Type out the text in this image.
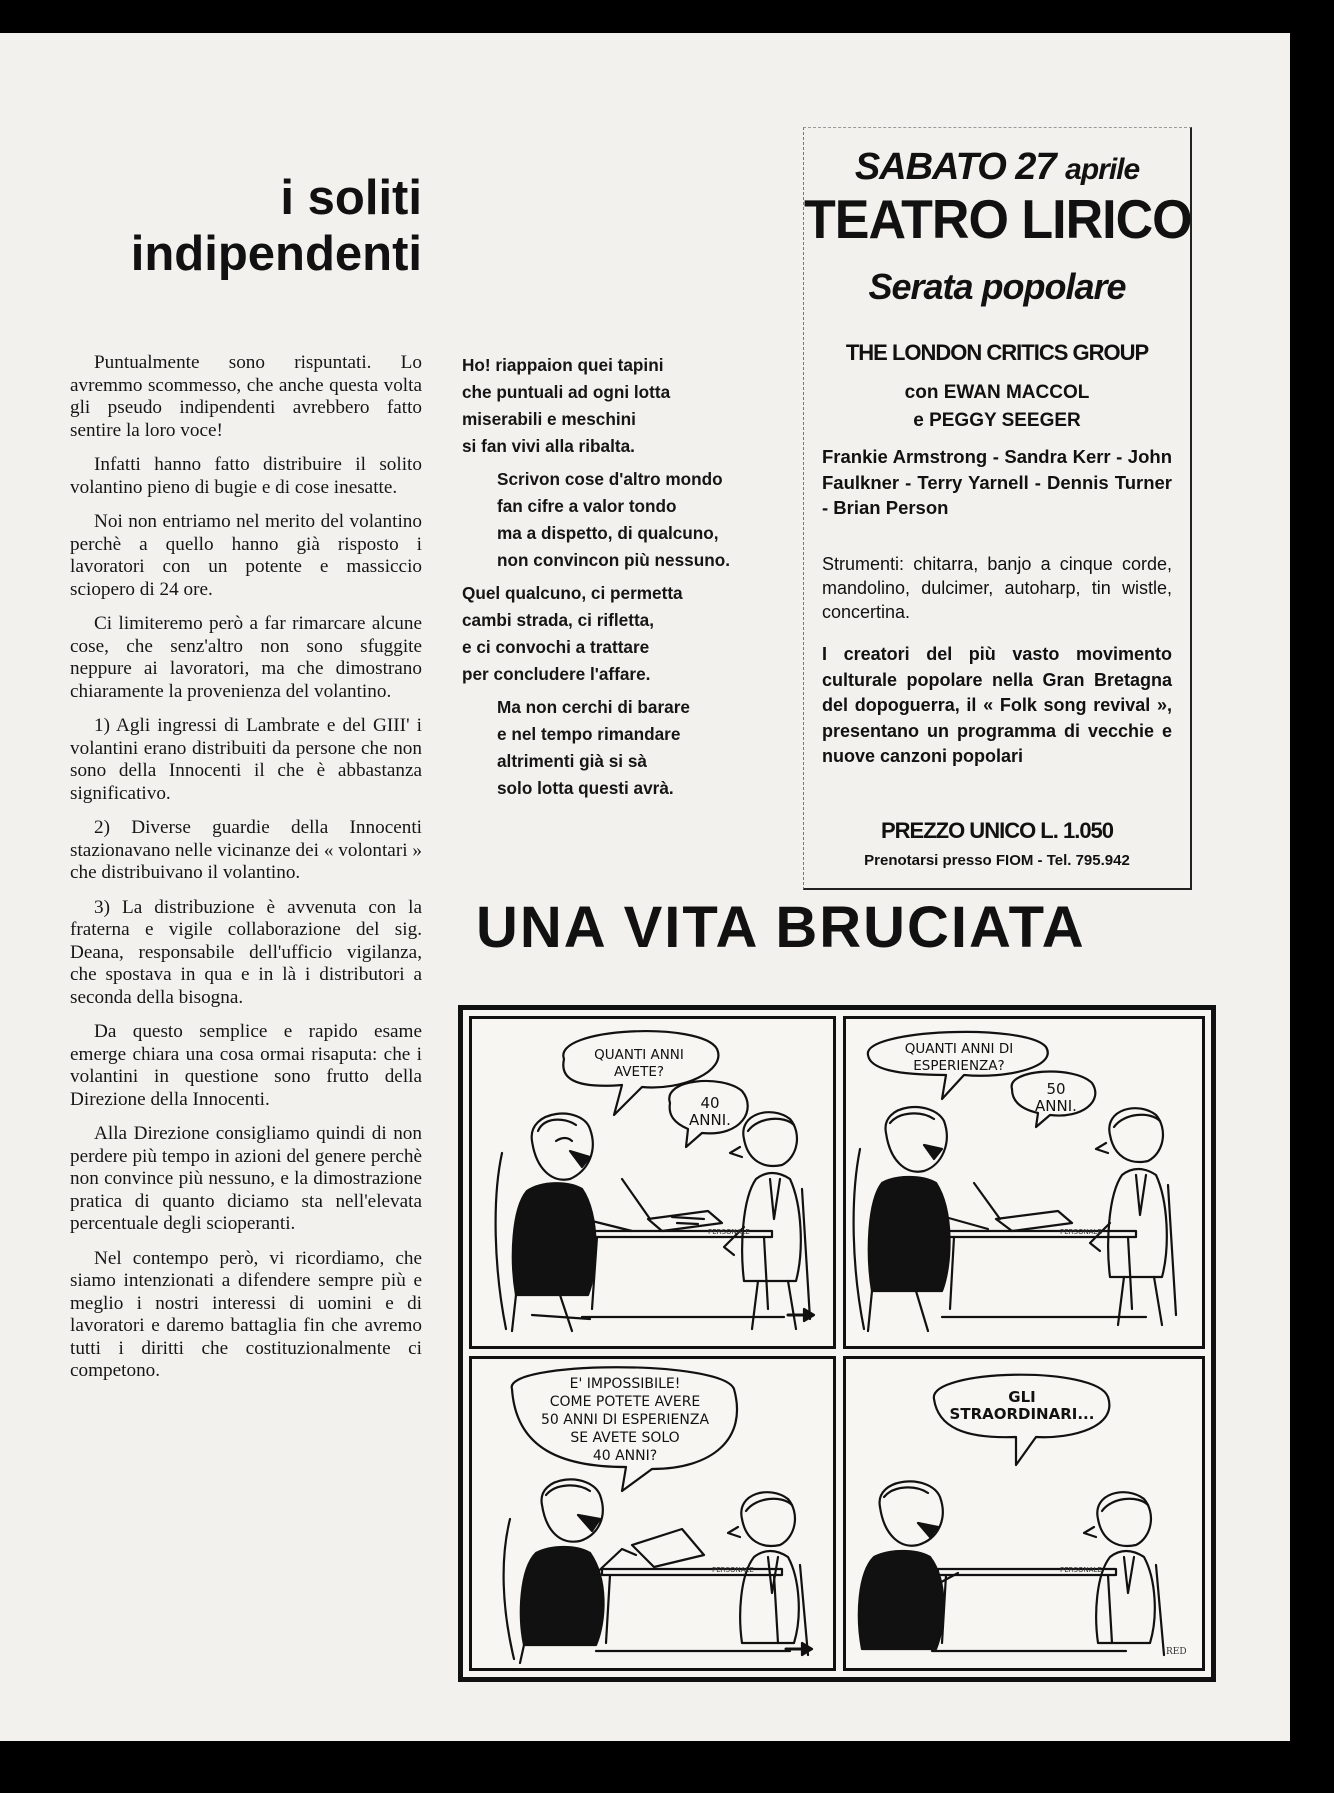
i soliti
indipendenti

Puntualmente sono rispuntati. Lo avremmo scommesso, che anche questa volta gli pseudo indipendenti avrebbero fatto sentire la loro voce!

Infatti hanno fatto distribuire il solito volantino pieno di bugie e di cose inesatte.

Noi non entriamo nel merito del volantino perchè a quello hanno già risposto i lavoratori con un potente e massiccio sciopero di 24 ore.

Ci limiteremo però a far rimarcare alcune cose, che senz'altro non sono sfuggite neppure ai lavoratori, ma che dimostrano chiaramente la provenienza del volantino.

1) Agli ingressi di Lambrate e del GIII' i volantini erano distribuiti da persone che non sono della Innocenti il che è abbastanza significativo.

2) Diverse guardie della Innocenti stazionavano nelle vicinanze dei « volontari » che distribuivano il volantino.

3) La distribuzione è avvenuta con la fraterna e vigile collaborazione del sig. Deana, responsabile dell'ufficio vigilanza, che spostava in qua e in là i distributori a seconda della bisogna.

Da questo semplice e rapido esame emerge chiara una cosa ormai risaputa: che i volantini in questione sono frutto della Direzione della Innocenti.

Alla Direzione consigliamo quindi di non perdere più tempo in azioni del genere perchè non convince più nessuno, e la dimostrazione pratica di quanto diciamo sta nell'elevata percentuale degli scioperanti.

Nel contempo però, vi ricordiamo, che siamo intenzionati a difendere sempre più e meglio i nostri interessi di uomini e di lavoratori e daremo battaglia fin che avremo tutti i diritti che costituzionalmente ci competono.

Ho! riappaion quei tapini
che puntuali ad ogni lotta
miserabili e meschini
si fan vivi alla ribalta.
Scrivon cose d'altro mondo
fan cifre a valor tondo
ma a dispetto, di qualcuno,
non convincon più nessuno.
Quel qualcuno, ci permetta
cambi strada, ci rifletta,
e ci convochi a trattare
per concludere l'affare.
Ma non cerchi di barare
e nel tempo rimandare
altrimenti già si sà
solo lotta questi avrà.
SABATO 27 aprile
TEATRO LIRICO
Serata popolare
THE LONDON CRITICS GROUP
con EWAN MACCOL
e PEGGY SEEGER
Frankie Armstrong - Sandra Kerr - John Faulkner - Terry Yarnell - Dennis Turner - Brian Person
Strumenti: chitarra, banjo a cinque corde, mandolino, dulcimer, autoharp, tin wistle, concertina.
I creatori del più vasto movimento culturale popolare nella Gran Bretagna del dopoguerra, il « Folk song revival », presentano un programma di vecchie e nuove canzoni popolari
PREZZO UNICO L. 1.050
Prenotarsi presso FIOM - Tel. 795.942
UNA VITA BRUCIATA
PERSONALE
QUANTI ANNI
AVETE?
40
ANNI.
PERSONALE
QUANTI ANNI DI
ESPERIENZA?
50
ANNI.
PERSONALE
E' IMPOSSIBILE!
COME POTETE AVERE
50 ANNI DI ESPERIENZA
SE AVETE SOLO
40 ANNI?
PERSONALE
GLI
STRAORDINARI...
RED
